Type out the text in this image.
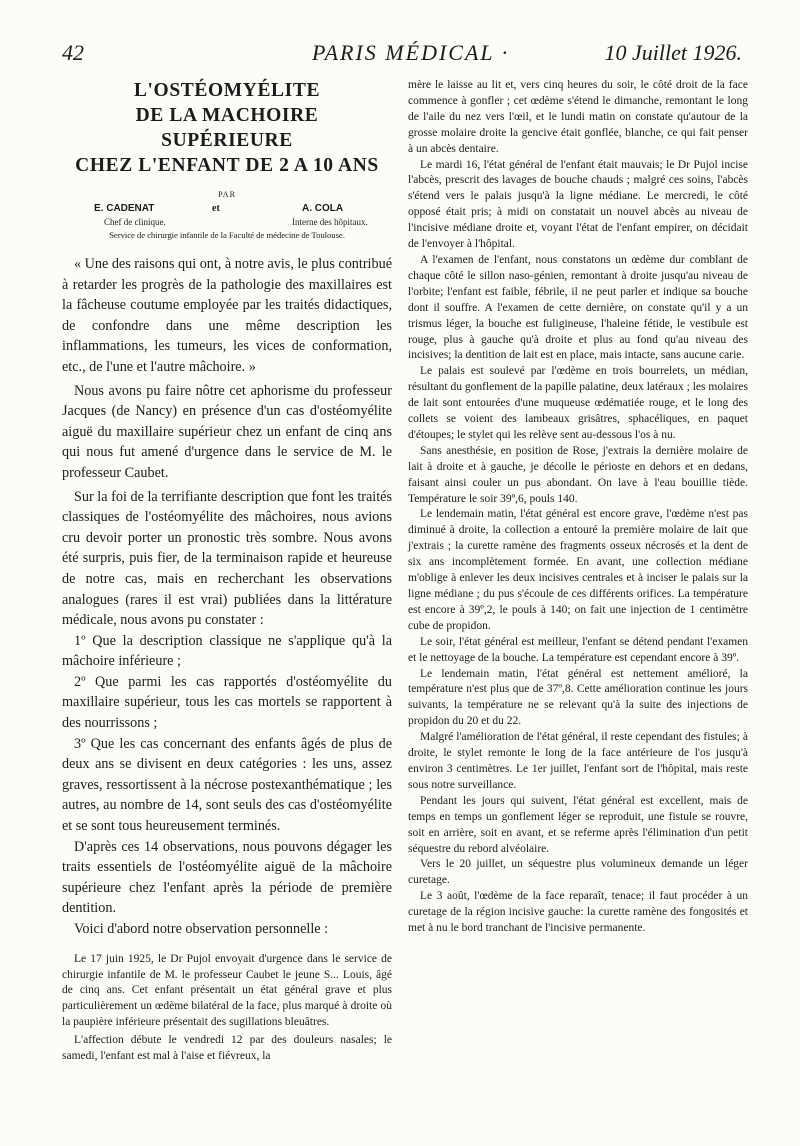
42	PARIS MÉDICAL ·	10 Juillet 1926.
L'OSTÉOMYÉLITE
DE LA MACHOIRE
SUPÉRIEURE
CHEZ L'ENFANT DE 2 A 10 ANS
PAR
E. CADENAT	et	A. COLA
Chef de clinique.	Interne des hôpitaux.
Service de chirurgie infantile de la Faculté de médecine de Toulouse.

« Une des raisons qui ont, à notre avis, le plus contribué à retarder les progrès de la pathologie des maxillaires est la fâcheuse coutume employée par les traités didactiques, de confondre dans une même description les inflammations, les tumeurs, les vices de conformation, etc., de l'une et l'autre mâchoire. »

Nous avons pu faire nôtre cet aphorisme du professeur Jacques (de Nancy) en présence d'un cas d'ostéomyélite aiguë du maxillaire supérieur chez un enfant de cinq ans qui nous fut amené d'urgence dans le service de M. le professeur Caubet.

Sur la foi de la terrifiante description que font les traités classiques de l'ostéomyélite des mâchoires, nous avions cru devoir porter un pronostic très sombre. Nous avons été surpris, puis fier, de la terminaison rapide et heureuse de notre cas, mais en recherchant les observations analogues (rares il est vrai) publiées dans la littérature médicale, nous avons pu constater :

1º Que la description classique ne s'applique qu'à la mâchoire inférieure ;

2º Que parmi les cas rapportés d'ostéomyélite du maxillaire supérieur, tous les cas mortels se rapportent à des nourrissons ;

3º Que les cas concernant des enfants âgés de plus de deux ans se divisent en deux catégories : les uns, assez graves, ressortissent à la nécrose postexanthématique ; les autres, au nombre de 14, sont seuls des cas d'ostéomyélite et se sont tous heureusement terminés.

D'après ces 14 observations, nous pouvons dégager les traits essentiels de l'ostéomyélite aiguë de la mâchoire supérieure chez l'enfant après la période de première dentition.

Voici d'abord notre observation personnelle :

Le 17 juin 1925, le Dr Pujol envoyait d'urgence dans le service de chirurgie infantile de M. le professeur Caubet le jeune S... Louis, âgé de cinq ans. Cet enfant présentait un état général grave et plus particulièrement un œdème bilatéral de la face, plus marqué à droite où la paupière inférieure présentait des sugillations bleuâtres.

L'affection débute le vendredi 12 par des douleurs nasales; le samedi, l'enfant est mal à l'aise et fiévreux, la

mère le laisse au lit et, vers cinq heures du soir, le côté droit de la face commence à gonfler ; cet œdème s'étend le dimanche, remontant le long de l'aile du nez vers l'œil, et le lundi matin on constate qu'autour de la grosse molaire droite la gencive était gonflée, blanche, ce qui fait penser à un abcès dentaire.

Le mardi 16, l'état général de l'enfant était mauvais; le Dr Pujol incise l'abcès, prescrit des lavages de bouche chauds ; malgré ces soins, l'abcès s'étend vers le palais jusqu'à la ligne médiane. Le mercredi, le côté opposé était pris; à midi on constatait un nouvel abcès au niveau de l'incisive médiane droite et, voyant l'état de l'enfant empirer, on décidait de l'envoyer à l'hôpital.

A l'examen de l'enfant, nous constatons un œdème dur comblant de chaque côté le sillon naso-génien, remontant à droite jusqu'au niveau de l'orbite; l'enfant est faible, fébrile, il ne peut parler et indique sa bouche dont il souffre. A l'examen de cette dernière, on constate qu'il y a un trismus léger, la bouche est fuligineuse, l'haleine fétide, le vestibule est rouge, plus à gauche qu'à droite et plus au fond qu'au niveau des incisives; la dentition de lait est en place, mais intacte, sans aucune carie.

Le palais est soulevé par l'œdème en trois bourrelets, un médian, résultant du gonflement de la papille palatine, deux latéraux ; les molaires de lait sont entourées d'une muqueuse œdématiée rouge, et le long des collets se voient des lambeaux grisâtres, sphacéliques, en paquet d'étoupes; le stylet qui les relève sent au-dessous l'os à nu.

Sans anesthésie, en position de Rose, j'extrais la dernière molaire de lait à droite et à gauche, je décolle le périoste en dehors et en dedans, faisant ainsi couler un pus abondant. On lave à l'eau bouillie tiède. Température le soir 39º,6, pouls 140.

Le lendemain matin, l'état général est encore grave, l'œdème n'est pas diminué à droite, la collection a entouré la première molaire de lait que j'extrais ; la curette ramène des fragments osseux nécrosés et la dent de six ans incomplètement formée. En avant, une collection médiane m'oblige à enlever les deux incisives centrales et à inciser le palais sur la ligne médiane ; du pus s'écoule de ces différents orifices. La température est encore à 39º,2, le pouls à 140; on fait une injection de 1 centimètre cube de propidon.

Le soir, l'état général est meilleur, l'enfant se détend pendant l'examen et le nettoyage de la bouche. La température est cependant encore à 39º.

Le lendemain matin, l'état général est nettement amélioré, la température n'est plus que de 37º,8. Cette amélioration continue les jours suivants, la température ne se relevant qu'à la suite des injections de propidon du 20 et du 22.

Malgré l'amélioration de l'état général, il reste cependant des fistules; à droite, le stylet remonte le long de la face antérieure de l'os jusqu'à environ 3 centimètres. Le 1er juillet, l'enfant sort de l'hôpital, mais reste sous notre surveillance.

Pendant les jours qui suivent, l'état général est excellent, mais de temps en temps un gonflement léger se reproduit, une fistule se rouvre, soit en arrière, soit en avant, et se referme après l'élimination d'un petit séquestre du rebord alvéolaire.

Vers le 20 juillet, un séquestre plus volumineux demande un léger curetage.

Le 3 août, l'œdème de la face reparaît, tenace; il faut procéder à un curetage de la région incisive gauche: la curette ramène des fongosités et met à nu le bord tranchant de l'incisive permanente.
